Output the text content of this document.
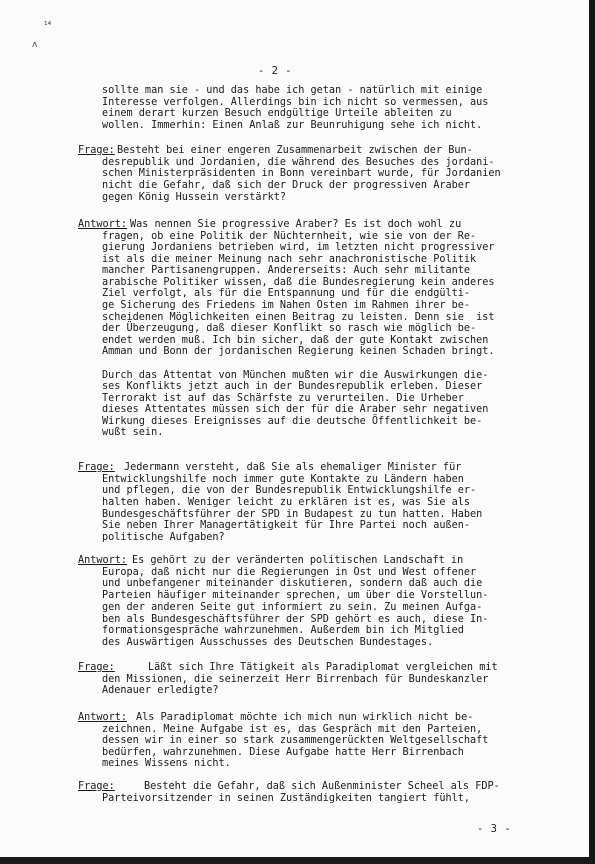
¹⁴
ʌ
- 2 -
sollte man sie - und das habe ich getan - natürlich mit einige
Interesse verfolgen. Allerdings bin ich nicht so vermessen, aus
einem derart kurzen Besuch endgültige Urteile ableiten zu
wollen. Immerhin: Einen Anlaß zur Beunruhigung sehe ich nicht.
Frage: Besteht bei einer engeren Zusammenarbeit zwischen der Bun-
desrepublik und Jordanien, die während des Besuches des jordani-
schen Ministerpräsidenten in Bonn vereinbart wurde, für Jordanien
nicht die Gefahr, daß sich der Druck der progressiven Araber
gegen König Hussein verstärkt?
Antwort: Was nennen Sie progressive Araber? Es ist doch wohl zu
fragen, ob eine Politik der Nüchternheit, wie sie von der Re-
gierung Jordaniens betrieben wird, im letzten nicht progressiver
ist als die meiner Meinung nach sehr anachronistische Politik
mancher Partisanengruppen. Andererseits: Auch sehr militante
arabische Politiker wissen, daß die Bundesregierung kein anderes
Ziel verfolgt, als für die Entspannung und für die endgülti-
ge Sicherung des Friedens im Nahen Osten im Rahmen ihrer be-
scheidenen Möglichkeiten einen Beitrag zu leisten. Denn sie  ist
der Überzeugung, daß dieser Konflikt so rasch wie möglich be-
endet werden muß. Ich bin sicher, daß der gute Kontakt zwischen
Amman und Bonn der jordanischen Regierung keinen Schaden bringt.
Durch das Attentat von München mußten wir die Auswirkungen die-
ses Konflikts jetzt auch in der Bundesrepublik erleben. Dieser
Terrorakt ist auf das Schärfste zu verurteilen. Die Urheber
dieses Attentates müssen sich der für die Araber sehr negativen
Wirkung dieses Ereignisses auf die deutsche Öffentlichkeit be-
wußt sein.
Frage: Jedermann versteht, daß Sie als ehemaliger Minister für
Entwicklungshilfe noch immer gute Kontakte zu Ländern haben
und pflegen, die von der Bundesrepublik Entwicklungshilfe er-
halten haben. Weniger leicht zu erklären ist es, was Sie als
Bundesgeschäftsführer der SPD in Budapest zu tun hatten. Haben
Sie neben Ihrer Managertätigkeit für Ihre Partei noch außen-
politische Aufgaben?
Antwort: Es gehört zu der veränderten politischen Landschaft in
Europa, daß nicht nur die Regierungen in Ost und West offener
und unbefangener miteinander diskutieren, sondern daß auch die
Parteien häufiger miteinander sprechen, um über die Vorstellun-
gen der anderen Seite gut informiert zu sein. Zu meinen Aufga-
ben als Bundesgeschäftsführer der SPD gehört es auch, diese In-
formationsgespräche wahrzunehmen. Außerdem bin ich Mitglied
des Auswärtigen Ausschusses des Deutschen Bundestages.
Frage:	Läßt sich Ihre Tätigkeit als Paradiplomat vergleichen mit
den Missionen, die seinerzeit Herr Birrenbach für Bundeskanzler
Adenauer erledigte?
Antwort: Als Paradiplomat möchte ich mich nun wirklich nicht be-
zeichnen. Meine Aufgabe ist es, das Gespräch mit den Parteien,
dessen wir in einer so stark zusammengerückten Weltgesellschaft
bedürfen, wahrzunehmen. Diese Aufgabe hatte Herr Birrenbach
meines Wissens nicht.
Frage:	Besteht die Gefahr, daß sich Außenminister Scheel als FDP-
Parteivorsitzender in seinen Zuständigkeiten tangiert fühlt,
- 3 -
